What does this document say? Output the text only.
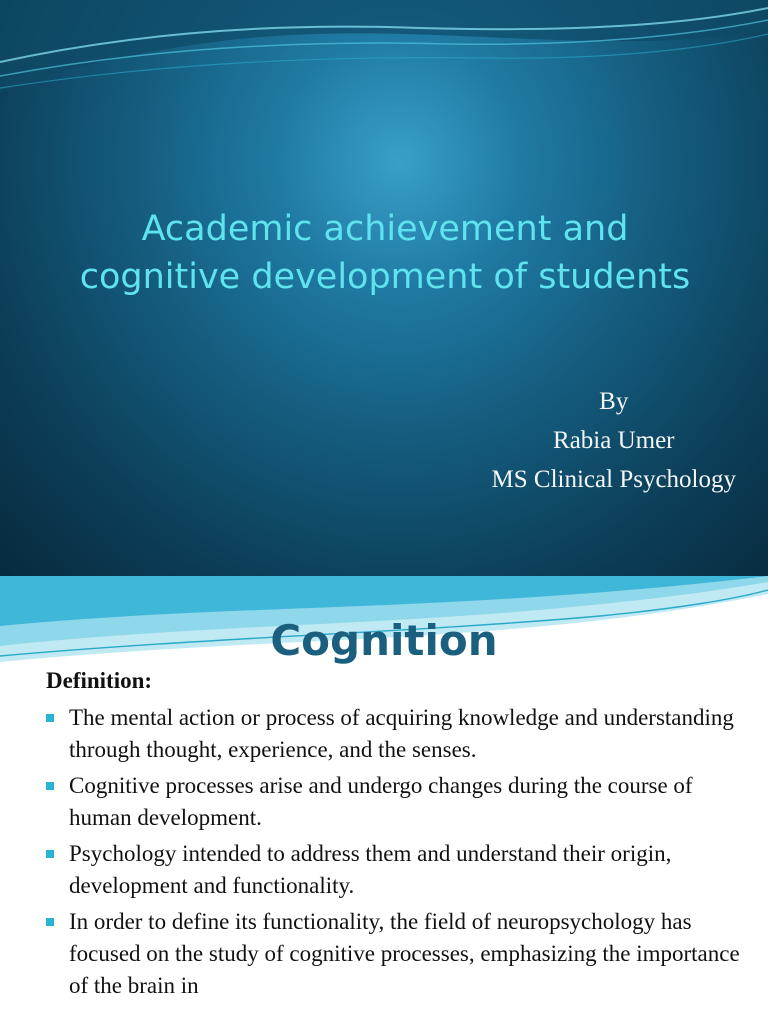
Academic achievement and
cognitive development of students
By
Rabia Umer
MS Clinical Psychology
Cognition
Definition:
The mental action or process of acquiring knowledge and understanding through thought, experience, and the senses.
Cognitive processes arise and undergo changes during the course of human development.
Psychology intended to address them and understand their origin, development and functionality.
In order to define its functionality, the field of neuropsychology has focused on the study of cognitive processes, emphasizing the importance of the brain in
